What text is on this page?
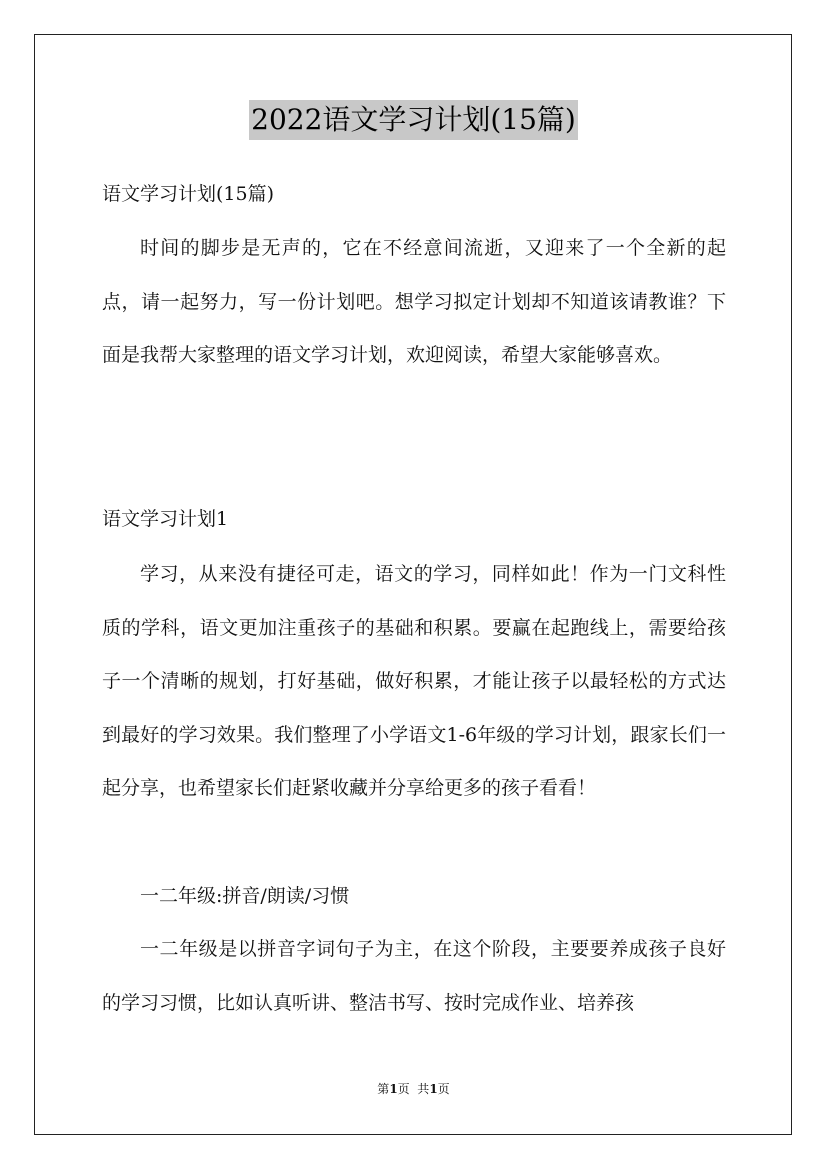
2022语文学习计划(15篇)
语文学习计划(15篇)
时间的脚步是无声的，它在不经意间流逝，又迎来了一个全新的起点，请一起努力，写一份计划吧。想学习拟定计划却不知道该请教谁？下面是我帮大家整理的语文学习计划，欢迎阅读，希望大家能够喜欢。
语文学习计划1
学习，从来没有捷径可走，语文的学习，同样如此！作为一门文科性质的学科，语文更加注重孩子的基础和积累。要赢在起跑线上，需要给孩子一个清晰的规划，打好基础，做好积累，才能让孩子以最轻松的方式达到最好的学习效果。我们整理了小学语文1-6年级的学习计划，跟家长们一起分享，也希望家长们赶紧收藏并分享给更多的孩子看看！
一二年级:拼音/朗读/习惯
一二年级是以拼音字词句子为主，在这个阶段，主要要养成孩子良好的学习习惯，比如认真听讲、整洁书写、按时完成作业、培养孩
第1页  共1页
